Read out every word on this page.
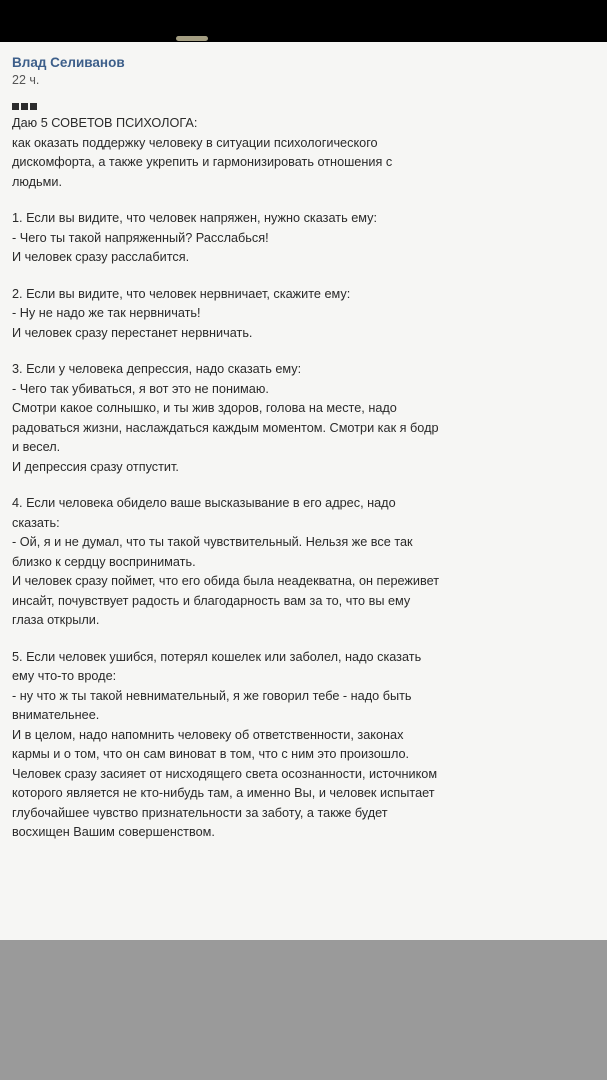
Влад Селиванов
22 ч.
Даю 5 СОВЕТОВ ПСИХОЛОГА:
как оказать поддержку человеку в ситуации психологического
дискомфорта, а также укрепить и гармонизировать отношения с
людьми.
1. Если вы видите, что человек напряжен, нужно сказать ему:
- Чего ты такой напряженный? Расслабься!
И человек сразу расслабится.
2. Если вы видите, что человек нервничает, скажите ему:
- Ну не надо же так нервничать!
И человек сразу перестанет нервничать.
3. Если у человека депрессия, надо сказать ему:
- Чего так убиваться, я вот это не понимаю.
Смотри какое солнышко, и ты жив здоров, голова на месте, надо
радоваться жизни, наслаждаться каждым моментом. Смотри как я бодр
и весел.
И депрессия сразу отпустит.
4. Если человека обидело ваше высказывание в его адрес, надо
сказать:
- Ой, я и не думал, что ты такой чувствительный. Нельзя же все так
близко к сердцу воспринимать.
И человек сразу поймет, что его обида была неадекватна, он переживет
инсайт, почувствует радость и благодарность вам за то, что вы ему
глаза открыли.
5. Если человек ушибся, потерял кошелек или заболел, надо сказать
ему что-то вроде:
- ну что ж ты такой невнимательный, я же говорил тебе - надо быть
внимательнее.
И в целом, надо напомнить человеку об ответственности, законах
кармы и о том, что он сам виноват в том, что с ним это произошло.
Человек сразу засияет от нисходящего света осознанности, источником
которого является не кто-нибудь там, а именно Вы, и человек испытает
глубочайшее чувство признательности за заботу, а также будет
восхищен Вашим совершенством.
